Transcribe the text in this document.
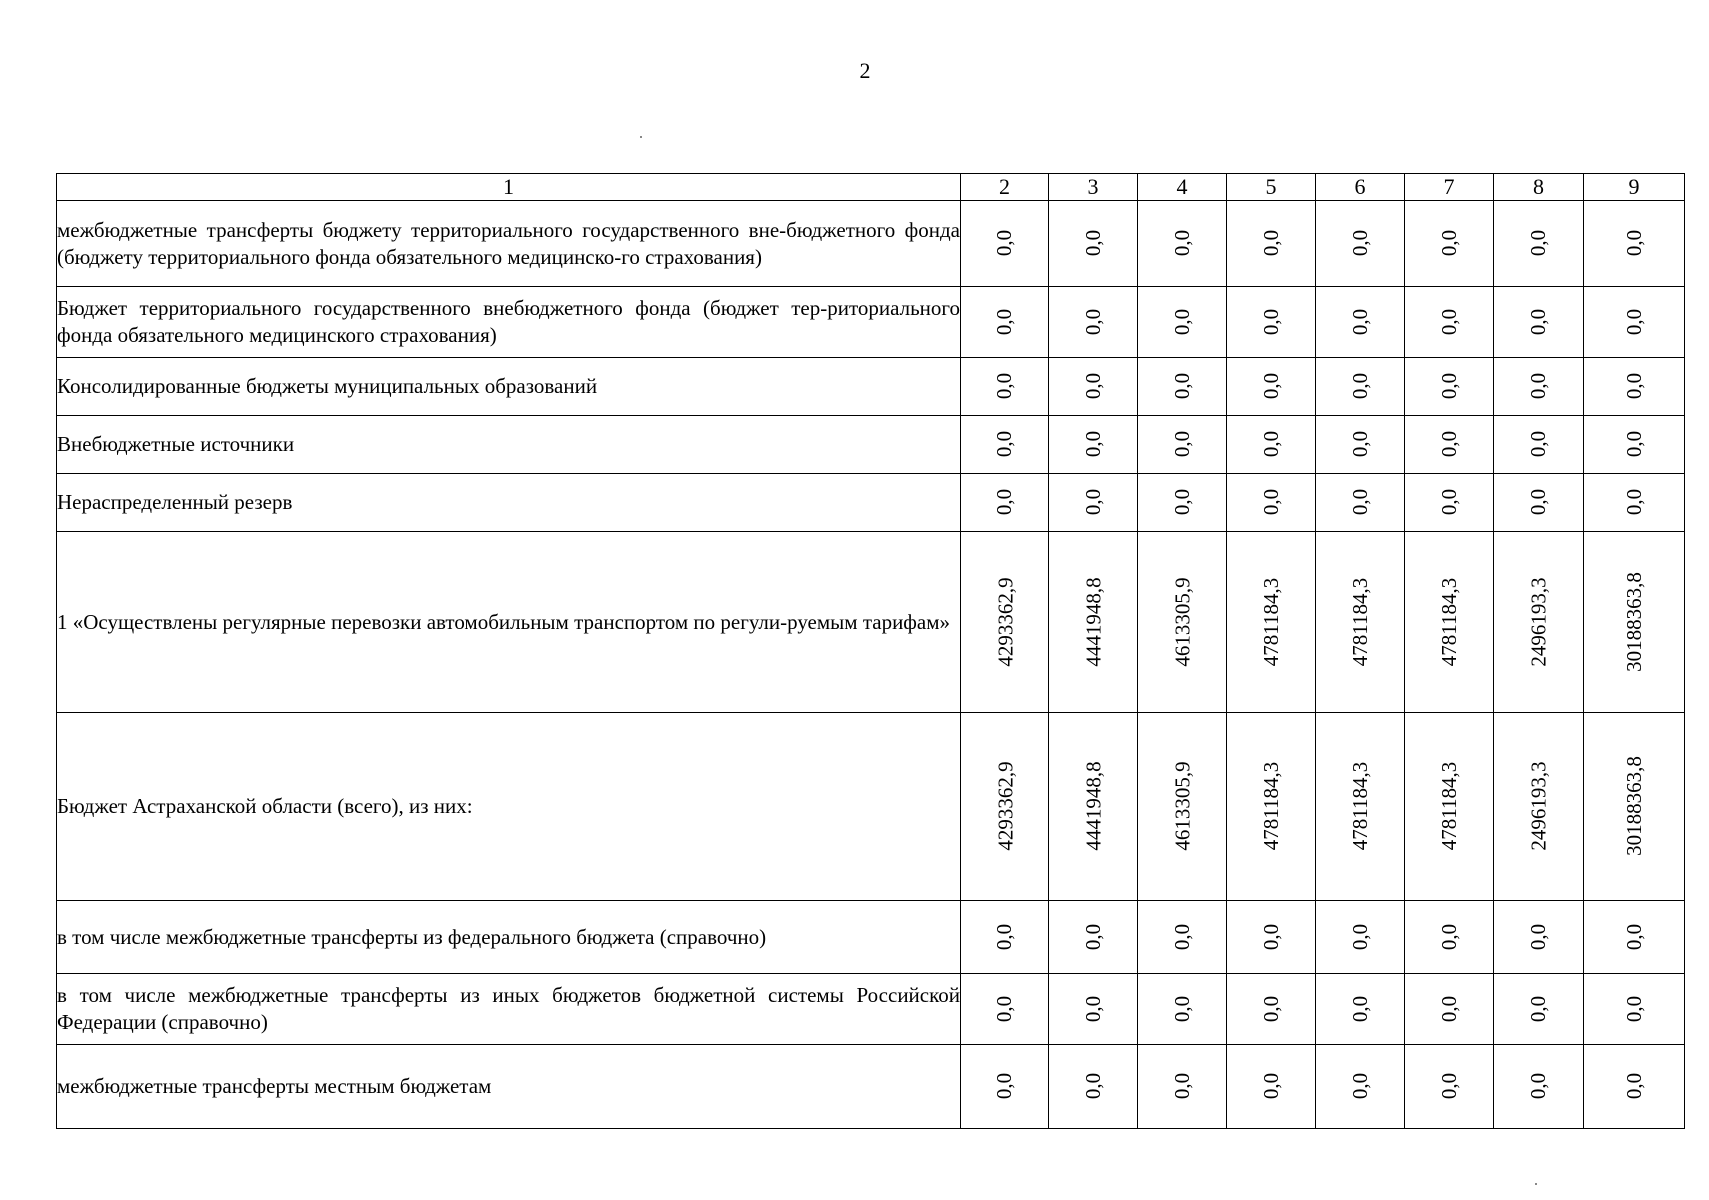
2
1	2	3	4	5	6	7	8	9
межбюджетные трансферты бюджету территориального государственного вне-бюджетного фонда (бюджету территориального фонда обязательного медицинско-го страхования)	0,0	0,0	0,0	0,0	0,0	0,0	0,0	0,0
Бюджет территориального государственного внебюджетного фонда (бюджет тер-риториального фонда обязательного медицинского страхования)	0,0	0,0	0,0	0,0	0,0	0,0	0,0	0,0
Консолидированные бюджеты муниципальных образований	0,0	0,0	0,0	0,0	0,0	0,0	0,0	0,0
Внебюджетные источники	0,0	0,0	0,0	0,0	0,0	0,0	0,0	0,0
Нераспределенный резерв	0,0	0,0	0,0	0,0	0,0	0,0	0,0	0,0
1 «Осуществлены регулярные перевозки автомобильным транспортом по регули-руемым тарифам»	4293362,9	4441948,8	4613305,9	4781184,3	4781184,3	4781184,3	2496193,3	30188363,8
Бюджет Астраханской области (всего), из них:	4293362,9	4441948,8	4613305,9	4781184,3	4781184,3	4781184,3	2496193,3	30188363,8
в том числе межбюджетные трансферты из федерального бюджета (справочно)	0,0	0,0	0,0	0,0	0,0	0,0	0,0	0,0
в том числе межбюджетные трансферты из иных бюджетов бюджетной системы Российской Федерации (справочно)	0,0	0,0	0,0	0,0	0,0	0,0	0,0	0,0
межбюджетные трансферты местным бюджетам	0,0	0,0	0,0	0,0	0,0	0,0	0,0	0,0
